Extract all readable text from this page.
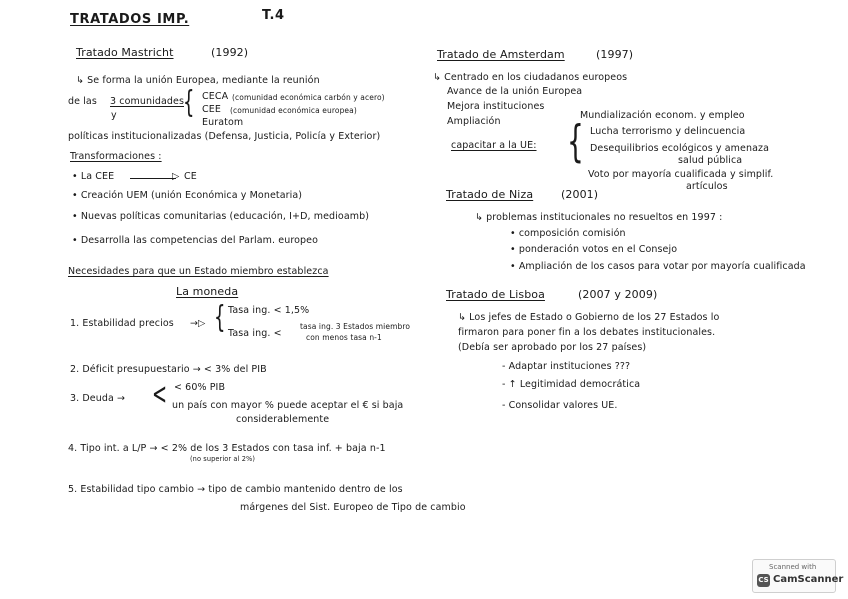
TRATADOS IMP.	T.4
Tratado Mastricht	(1992)
↳ Se forma la unión Europea, mediante la reunión
de las 3 comunidades
y { CECA (comunidad económica carbón y acero)
CEE (comunidad económica europea)
Euratom
políticas institucionalizadas (Defensa, Justicia, Policía y Exterior)
Transformaciones :
• La CEE	▷ CE
• Creación UEM (unión Económica y Monetaria)
• Nuevas políticas comunitarias (educación, I+D, medioamb)
• Desarrolla las competencias del Parlam. europeo
Necesidades para que un Estado miembro establezca
La moneda
1. Estabilidad precios →▷ { Tasa ing. < 1,5%
Tasa ing. <
tasa ing. 3 Estados miembro
con menos tasa n-1
2. Déficit presupuestario → < 3% del PIB
3. Deuda → < < 60% PIB
un país con mayor % puede aceptar el € si baja
considerablemente
4. Tipo int. a L/P → < 2% de los 3 Estados con tasa inf. + baja n-1
(no superior al 2%)
5. Estabilidad tipo cambio → tipo de cambio mantenido dentro de los
márgenes del Sist. Europeo de Tipo de cambio
Tratado de Amsterdam	(1997)
↳ Centrado en los ciudadanos europeos
Avance de la unión Europea
Mejora instituciones
Ampliación
capacitar a la UE: {
Mundialización econom. y empleo
Lucha terrorismo y delincuencia
Desequilibrios ecológicos y amenaza
salud pública
Voto por mayoría cualificada y simplif.
artículos
Tratado de Niza	(2001)
↳ problemas institucionales no resueltos en 1997 :
• composición comisión
• ponderación votos en el Consejo
• Ampliación de los casos para votar por mayoría cualificada
Tratado de Lisboa	(2007 y 2009)
↳ Los jefes de Estado o Gobierno de los 27 Estados lo
firmaron para poner fin a los debates institucionales.
(Debía ser aprobado por los 27 países)
- Adaptar instituciones ???
- ↑ Legitimidad democrática
- Consolidar valores UE.
Scanned with
CS CamScanner
